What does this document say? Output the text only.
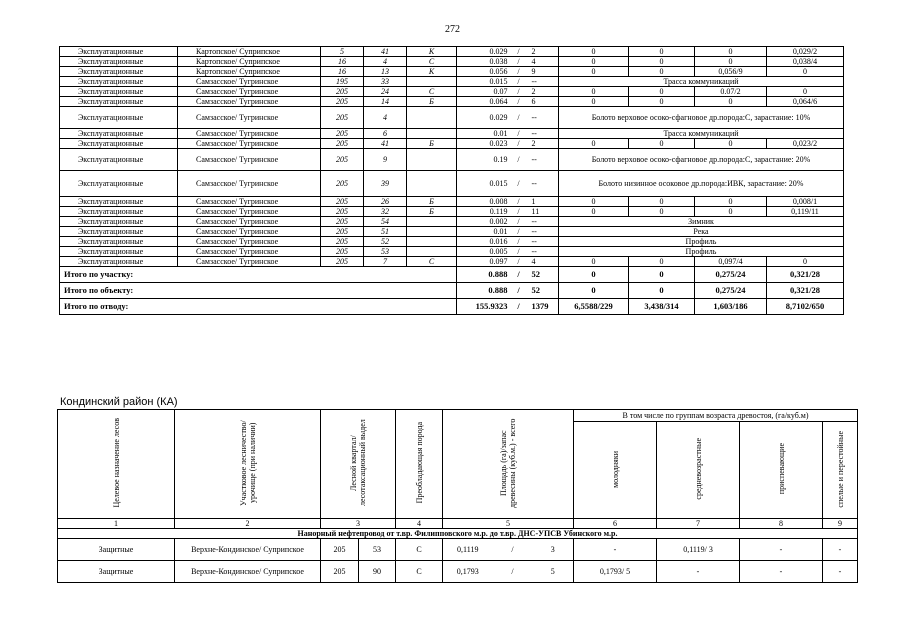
272
Эксплуатационные	Картопское/ Суприпское	5	41	К	0.029	/	2	0	0	0	0,029/2
Эксплуатационные	Картопское/ Суприпское	16	4	С	0.038	/	4	0	0	0	0,038/4
Эксплуатационные	Картопское/ Суприпское	16	13	К	0.056	/	9	0	0	0,056/9	0
Эксплуатационные	Самзасское/ Тугринское	195	33		0.015	/	--	Трасса коммуникаций			
Эксплуатационные	Самзасское/ Тугринское	205	24	С	0.07	/	2	0	0	0.07/2	0
Эксплуатационные	Самзасское/ Тугринское	205	14	Б	0.064	/	6	0	0	0	0,064/6
Эксплуатационные	Самзасское/ Тугринское	205	4		0.029	/	--	Болото верховое осоко-сфагновое др.порода:С, зарастание: 10%			
Эксплуатационные	Самзасское/ Тугринское	205	6		0.01	/	--	Трасса коммуникаций			
Эксплуатационные	Самзасское/ Тугринское	205	41	Б	0.023	/	2	0	0	0	0,023/2
Эксплуатационные	Самзасское/ Тугринское	205	9		0.19	/	--	Болото верховое осоко-сфагновое др.порода:С, зарастание: 20%			
Эксплуатационные	Самзасское/ Тугринское	205	39		0.015	/	--	Болото низинное осоковое др.порода:ИВК, зарастание: 20%			
Эксплуатационные	Самзасское/ Тугринское	205	26	Б	0.008	/	1	0	0	0	0,008/1
Эксплуатационные	Самзасское/ Тугринское	205	32	Б	0.119	/	11	0	0	0	0,119/11
Эксплуатационные	Самзасское/ Тугринское	205	54		0.002	/	--	Зимник			
Эксплуатационные	Самзасское/ Тугринское	205	51		0.01	/	--	Река			
Эксплуатационные	Самзасское/ Тугринское	205	52		0.016	/	--	Профиль			
Эксплуатационные	Самзасское/ Тугринское	205	53		0.005	/	--	Профиль			
Эксплуатационные	Самзасское/ Тугринское	205	7	С	0.097	/	4	0	0	0,097/4	0
Итого по участку:					0.888	/	52	0	0	0,275/24	0,321/28
Итого по объекту:					0.888	/	52	0	0	0,275/24	0,321/28
Итого по отводу:					155.9323	/	1379	6,5588/229	3,438/314	1,603/186	8,7102/650
Кондинский район (КА)
Целевое назначение лесов	Участковое лесничество/ урочище (при наличии)	Лесной квартал/ лесотаксационный выдел		Преобладающая порода	Площадь (га)/запас древесины (куб.м.) - всего			В том числе по группам возраста древостоя, (га/куб.м)			
								молодняки	средневозрастные	приспевающие	спелые и перестойные
1	2	3		4	5			6	7	8	9
Нанорный нефтепровод от т.вр. Филипповского м.р. до т.вр. ДНС-УПСВ Убинского м.р.											
Защитные	Верхне-Кондинское/ Суприпское	205	53	С	0,1119	/	3	-	0,1119/ 3	-	-
Защитные	Верхне-Кондинское/ Суприпское	205	90	С	0,1793	/	5	0,1793/ 5	-	-	-
